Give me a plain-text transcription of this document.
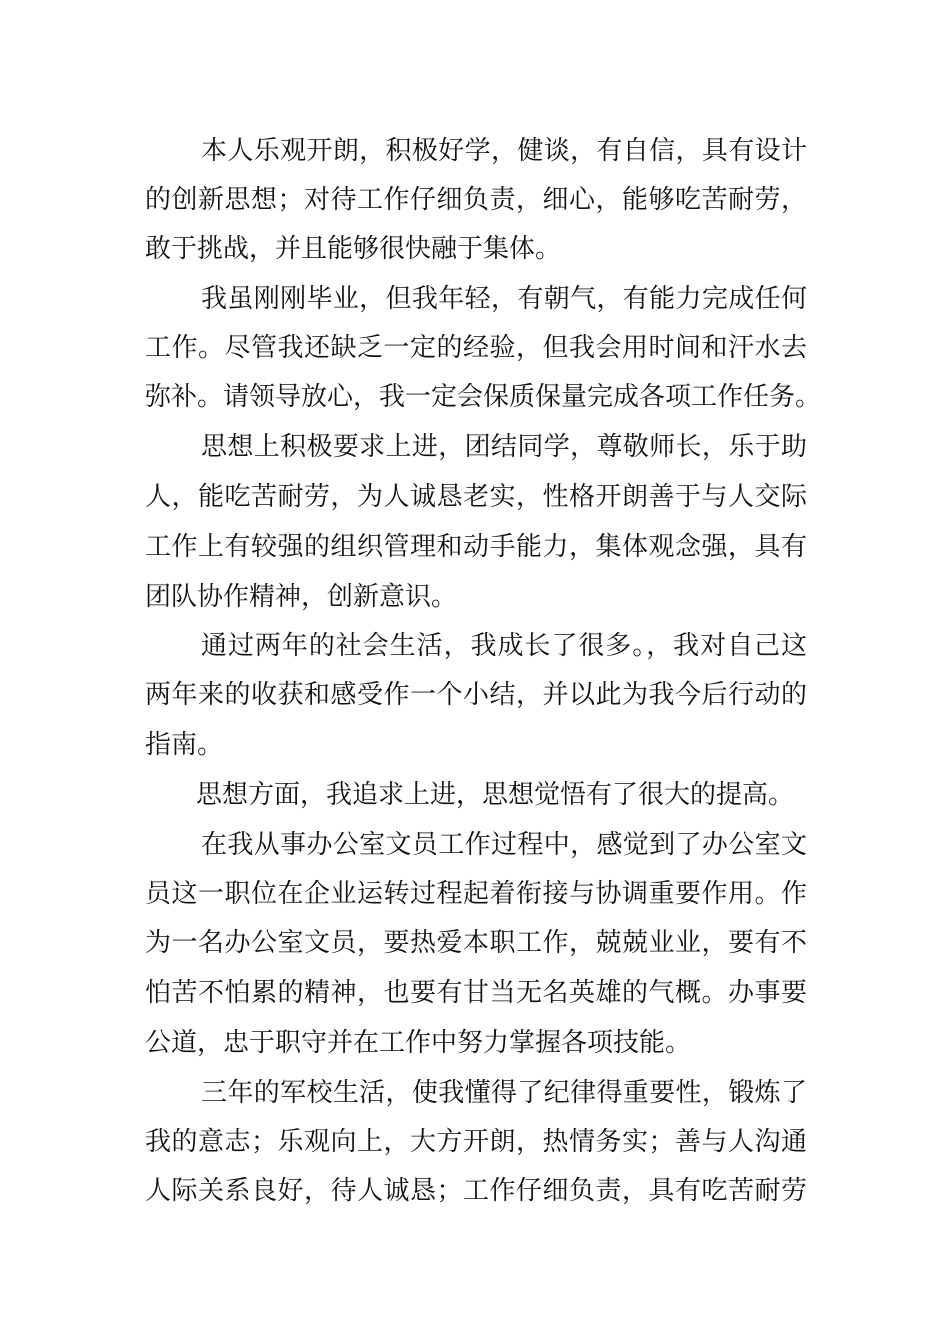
本人乐观开朗，积极好学，健谈，有自信，具有设计
的创新思想；对待工作仔细负责，细心，能够吃苦耐劳，
敢于挑战，并且能够很快融于集体。
我虽刚刚毕业，但我年轻，有朝气，有能力完成任何
工作。尽管我还缺乏一定的经验，但我会用时间和汗水去
弥补。请领导放心，我一定会保质保量完成各项工作任务。
思想上积极要求上进，团结同学，尊敬师长，乐于助
人，能吃苦耐劳，为人诚恳老实，性格开朗善于与人交际
工作上有较强的组织管理和动手能力，集体观念强，具有
团队协作精神，创新意识。
通过两年的社会生活，我成长了很多。，我对自己这
两年来的收获和感受作一个小结，并以此为我今后行动的
指南。
思想方面，我追求上进，思想觉悟有了很大的提高。
在我从事办公室文员工作过程中，感觉到了办公室文
员这一职位在企业运转过程起着衔接与协调重要作用。作
为一名办公室文员，要热爱本职工作，兢兢业业，要有不
怕苦不怕累的精神，也要有甘当无名英雄的气概。办事要
公道，忠于职守并在工作中努力掌握各项技能。
三年的军校生活，使我懂得了纪律得重要性，锻炼了
我的意志；乐观向上，大方开朗，热情务实；善与人沟通
人际关系良好，待人诚恳；工作仔细负责，具有吃苦耐劳
